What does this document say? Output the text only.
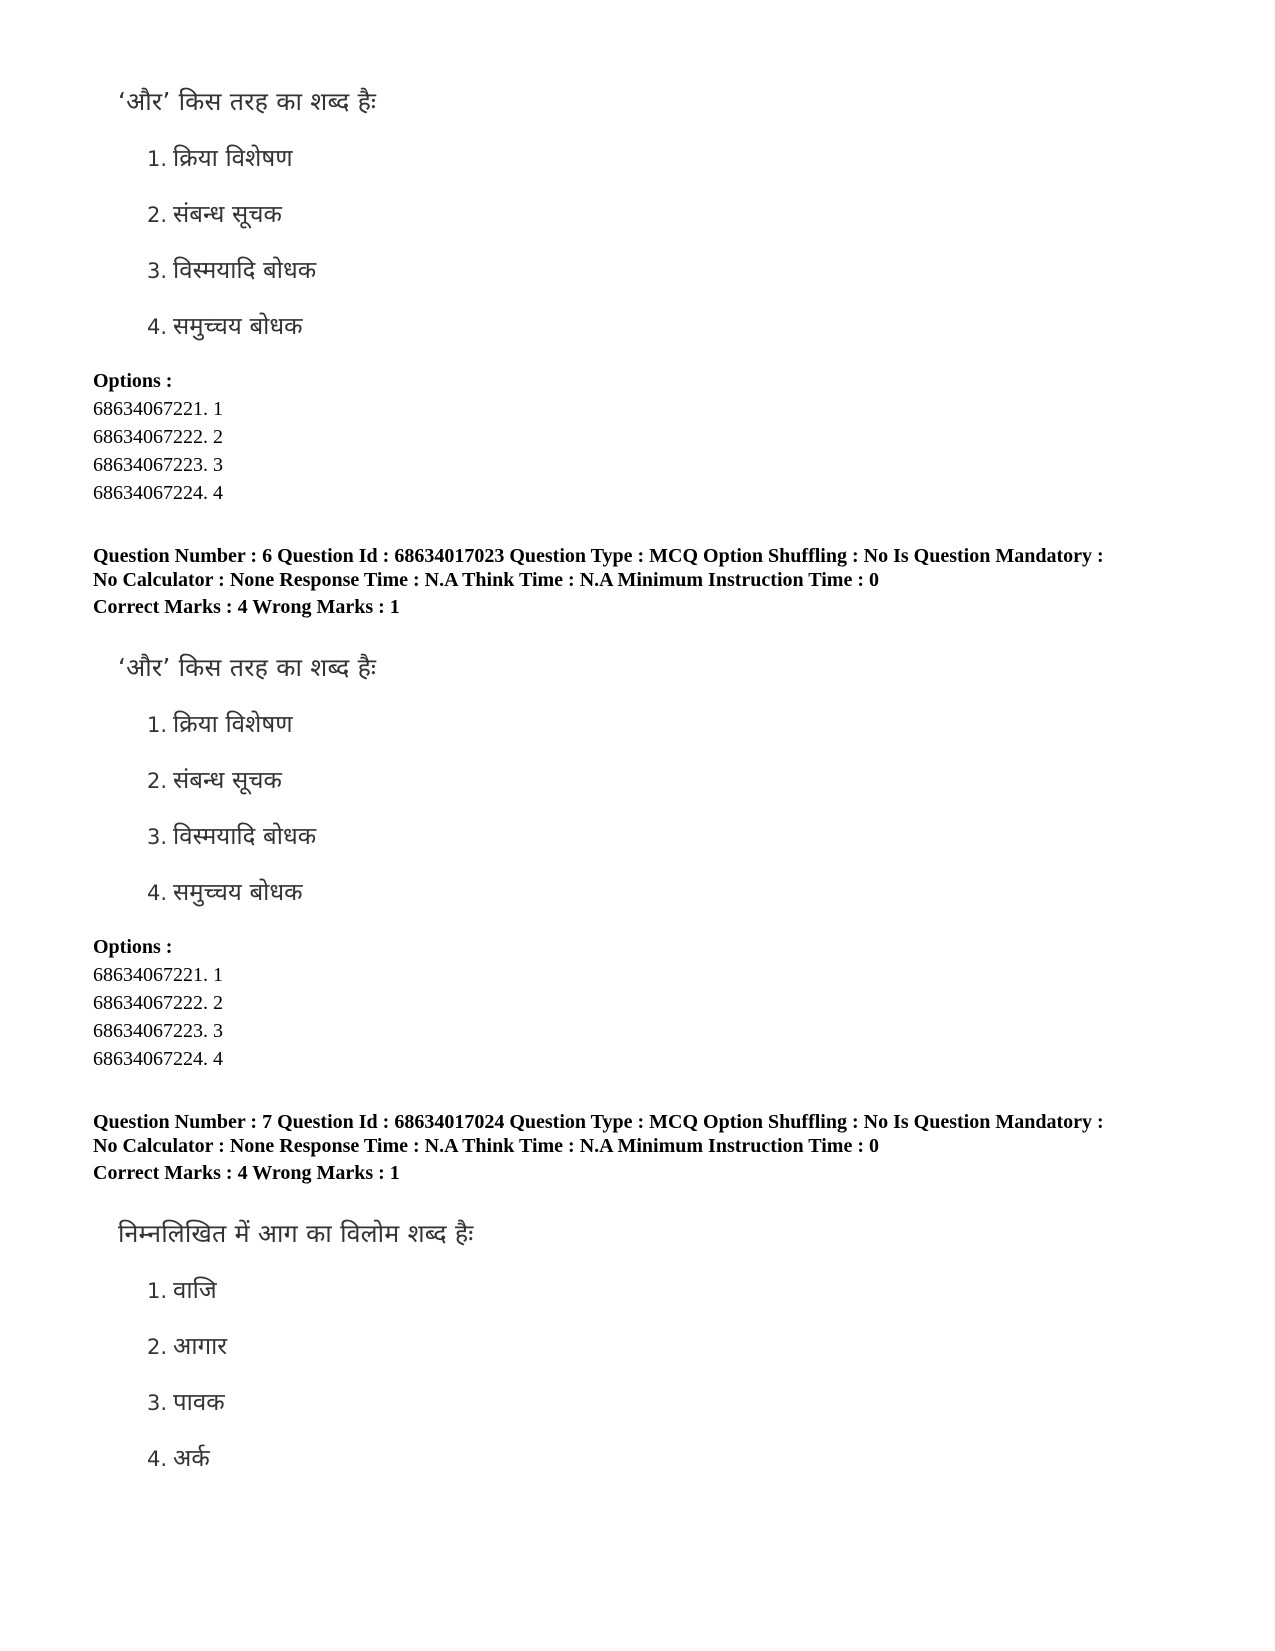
‘और’ किस तरह का शब्द हैः
1. क्रिया विशेषण
2. संबन्ध सूचक
3. विस्मयादि बोधक
4. समुच्चय बोधक
Options :
68634067221. 1
68634067222. 2
68634067223. 3
68634067224. 4
Question Number : 6 Question Id : 68634017023 Question Type : MCQ Option Shuffling : No Is Question Mandatory :
No Calculator : None Response Time : N.A Think Time : N.A Minimum Instruction Time : 0
Correct Marks : 4 Wrong Marks : 1
‘और’ किस तरह का शब्द हैः
1. क्रिया विशेषण
2. संबन्ध सूचक
3. विस्मयादि बोधक
4. समुच्चय बोधक
Options :
68634067221. 1
68634067222. 2
68634067223. 3
68634067224. 4
Question Number : 7 Question Id : 68634017024 Question Type : MCQ Option Shuffling : No Is Question Mandatory :
No Calculator : None Response Time : N.A Think Time : N.A Minimum Instruction Time : 0
Correct Marks : 4 Wrong Marks : 1
निम्नलिखित में आग का विलोम शब्द हैः
1. वाजि
2. आगार
3. पावक
4. अर्क
